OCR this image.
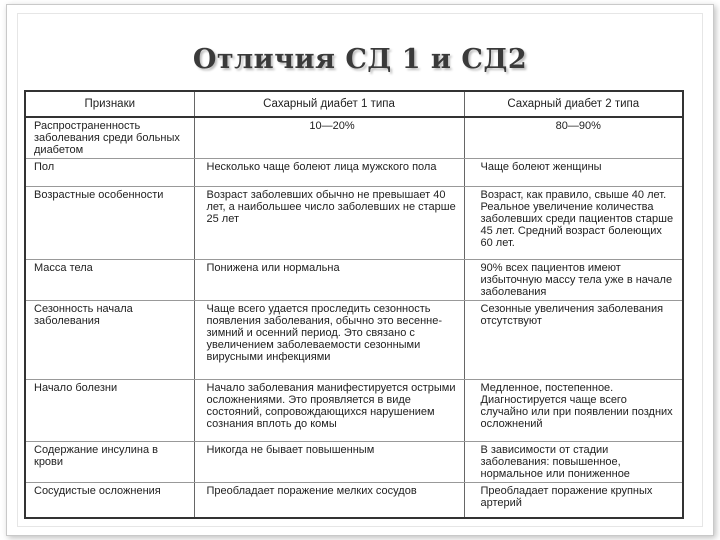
Отличия СД 1 и СД2
Признаки	Сахарный диабет 1 типа	Сахарный диабет 2 типа
Распространенность заболевания среди больных диабетом	10—20%	80—90%
Пол	Несколько чаще болеют лица мужского пола	Чаще болеют женщины
Возрастные особенности	Возраст заболевших обычно не превышает 40 лет, а наибольшее число заболевших не старше 25 лет	Возраст, как правило, свыше 40 лет. Реальное увеличение количества заболевших среди пациентов старше 45 лет. Средний возраст болеющих 60 лет.
Масса тела	Понижена или нормальна	90% всех пациентов имеют избыточную массу тела уже в начале заболевания
Сезонность начала заболевания	Чаще всего удается проследить сезонность появления заболевания, обычно это весенне-зимний и осенний период. Это связано с увеличением заболеваемости сезонными вирусными инфекциями	Сезонные увеличения заболевания отсутствуют
Начало болезни	Начало заболевания манифестируется острыми осложнениями. Это проявляется в виде состояний, сопровождающихся нарушением сознания вплоть до комы	Медленное, постепенное. Диагностируется чаще всего случайно или при появлении поздних осложнений
Содержание инсулина в крови	Никогда не бывает повышенным	В зависимости от стадии заболевания: повышенное, нормальное или пониженное
Сосудистые осложнения	Преобладает поражение мелких сосудов	Преобладает поражение крупных артерий
